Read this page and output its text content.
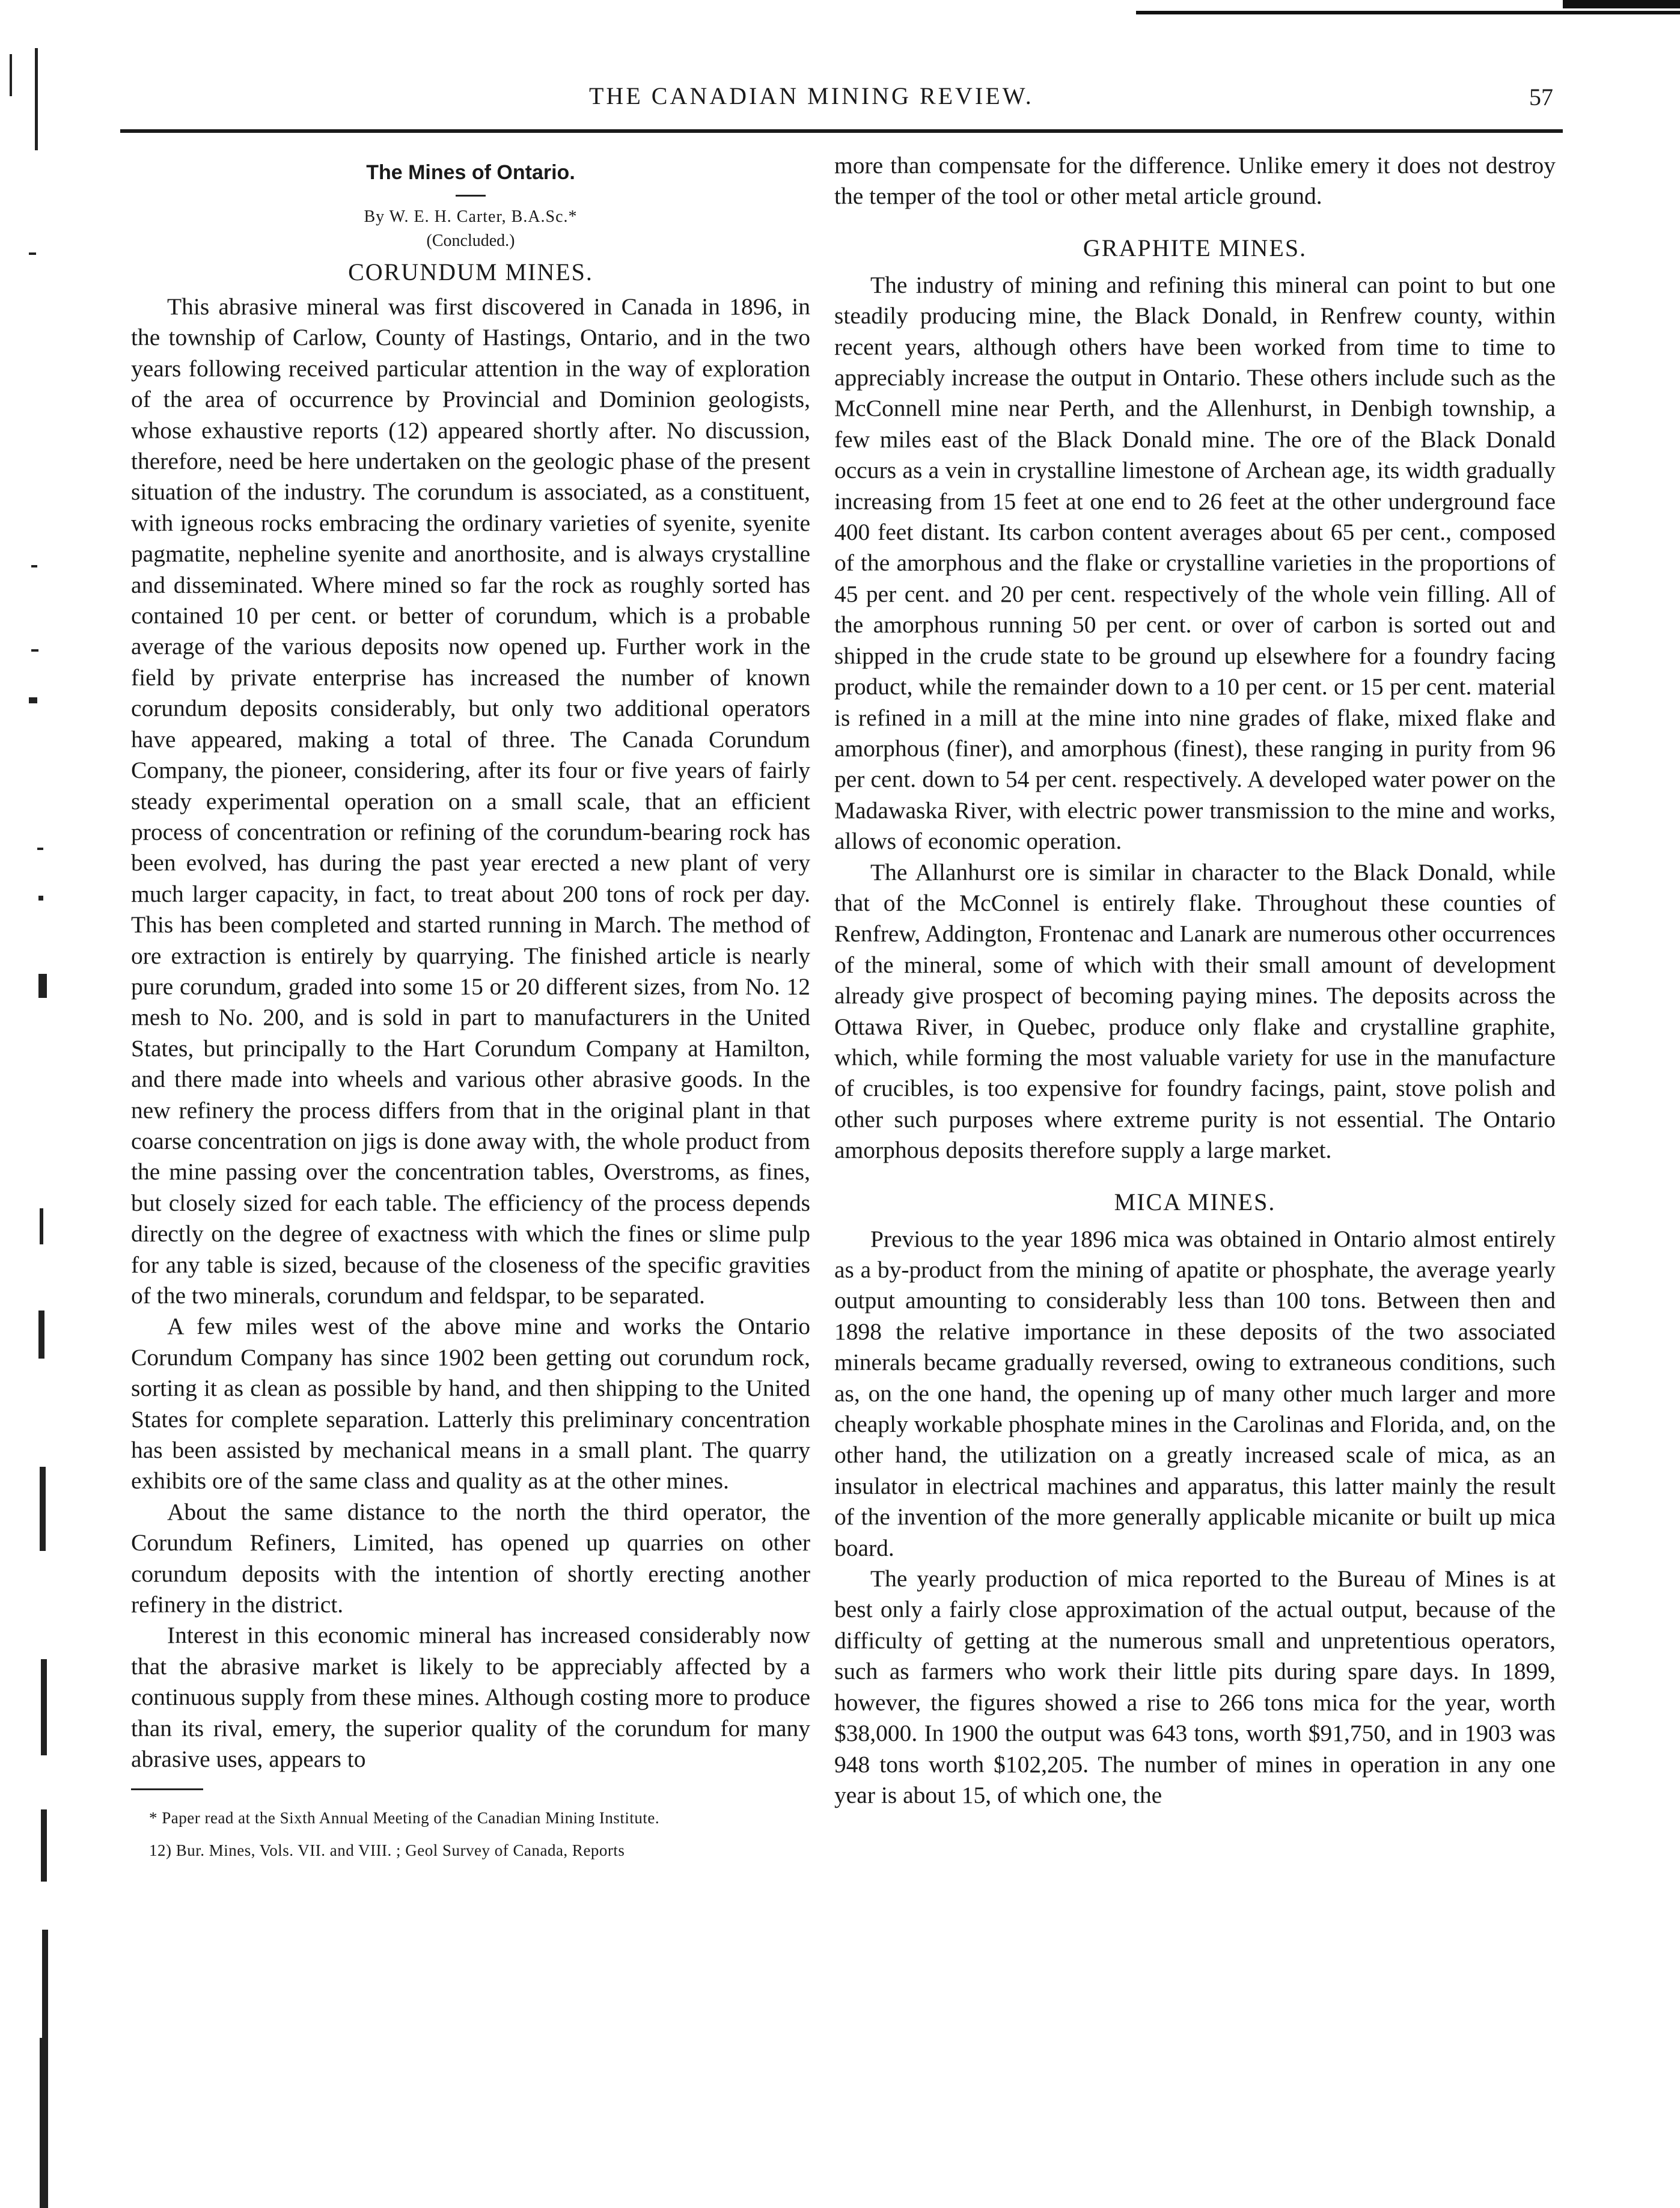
THE CANADIAN MINING REVIEW.	57
The Mines of Ontario.
By W. E. H. Carter, B.A.Sc.*
(Concluded.)
CORUNDUM MINES.

This abrasive mineral was first discovered in Canada in 1896, in the township of Carlow, County of Hastings, Ontario, and in the two years following received particular attention in the way of exploration of the area of occurrence by Provincial and Dominion geologists, whose exhaustive reports (12) appeared shortly after. No discussion, therefore, need be here undertaken on the geologic phase of the present situation of the industry. The corundum is associated, as a constituent, with igneous rocks embracing the ordinary varieties of syenite, syenite pagmatite, nepheline syenite and anorthosite, and is always crystalline and disseminated. Where mined so far the rock as roughly sorted has contained 10 per cent. or better of corundum, which is a probable average of the various deposits now opened up. Further work in the field by private enterprise has increased the number of known corundum deposits considerably, but only two additional operators have appeared, making a total of three. The Canada Corundum Company, the pioneer, considering, after its four or five years of fairly steady experimental operation on a small scale, that an efficient process of concentration or refining of the corundum-bearing rock has been evolved, has during the past year erected a new plant of very much larger capacity, in fact, to treat about 200 tons of rock per day. This has been completed and started running in March. The method of ore extraction is entirely by quarrying. The finished article is nearly pure corundum, graded into some 15 or 20 different sizes, from No. 12 mesh to No. 200, and is sold in part to manufacturers in the United States, but principally to the Hart Corundum Company at Hamilton, and there made into wheels and various other abrasive goods. In the new refinery the process differs from that in the original plant in that coarse concentration on jigs is done away with, the whole product from the mine passing over the concentration tables, Overstroms, as fines, but closely sized for each table. The efficiency of the process depends directly on the degree of exactness with which the fines or slime pulp for any table is sized, because of the closeness of the specific gravities of the two minerals, corundum and feldspar, to be separated.

A few miles west of the above mine and works the Ontario Corundum Company has since 1902 been getting out corundum rock, sorting it as clean as possible by hand, and then shipping to the United States for complete separation. Latterly this preliminary concentration has been assisted by mechanical means in a small plant. The quarry exhibits ore of the same class and quality as at the other mines.

About the same distance to the north the third operator, the Corundum Refiners, Limited, has opened up quarries on other corundum deposits with the intention of shortly erecting another refinery in the district.

Interest in this economic mineral has increased considerably now that the abrasive market is likely to be appreciably affected by a continuous supply from these mines. Although costing more to produce than its rival, emery, the superior quality of the corundum for many abrasive uses, appears to

* Paper read at the Sixth Annual Meeting of the Canadian Mining Institute.
12) Bur. Mines, Vols. VII. and VIII. ; Geol Survey of Canada, Reports

more than compensate for the difference. Unlike emery it does not destroy the temper of the tool or other metal article ground.

GRAPHITE MINES.

The industry of mining and refining this mineral can point to but one steadily producing mine, the Black Donald, in Renfrew county, within recent years, although others have been worked from time to time to appreciably increase the output in Ontario. These others include such as the McConnell mine near Perth, and the Allenhurst, in Denbigh township, a few miles east of the Black Donald mine. The ore of the Black Donald occurs as a vein in crystalline limestone of Archean age, its width gradually increasing from 15 feet at one end to 26 feet at the other underground face 400 feet distant. Its carbon content averages about 65 per cent., composed of the amorphous and the flake or crystalline varieties in the proportions of 45 per cent. and 20 per cent. respectively of the whole vein filling. All of the amorphous running 50 per cent. or over of carbon is sorted out and shipped in the crude state to be ground up elsewhere for a foundry facing product, while the remainder down to a 10 per cent. or 15 per cent. material is refined in a mill at the mine into nine grades of flake, mixed flake and amorphous (finer), and amorphous (finest), these ranging in purity from 96 per cent. down to 54 per cent. respectively. A developed water power on the Madawaska River, with electric power transmission to the mine and works, allows of economic operation.

The Allanhurst ore is similar in character to the Black Donald, while that of the McConnel is entirely flake. Throughout these counties of Renfrew, Addington, Frontenac and Lanark are numerous other occurrences of the mineral, some of which with their small amount of development already give prospect of becoming paying mines. The deposits across the Ottawa River, in Quebec, produce only flake and crystalline graphite, which, while forming the most valuable variety for use in the manufacture of crucibles, is too expensive for foundry facings, paint, stove polish and other such purposes where extreme purity is not essential. The Ontario amorphous deposits therefore supply a large market.

MICA MINES.

Previous to the year 1896 mica was obtained in Ontario almost entirely as a by-product from the mining of apatite or phosphate, the average yearly output amounting to considerably less than 100 tons. Between then and 1898 the relative importance in these deposits of the two associated minerals became gradually reversed, owing to extraneous conditions, such as, on the one hand, the opening up of many other much larger and more cheaply workable phosphate mines in the Carolinas and Florida, and, on the other hand, the utilization on a greatly increased scale of mica, as an insulator in electrical machines and apparatus, this latter mainly the result of the invention of the more generally applicable micanite or built up mica board.

The yearly production of mica reported to the Bureau of Mines is at best only a fairly close approximation of the actual output, because of the difficulty of getting at the numerous small and unpretentious operators, such as farmers who work their little pits during spare days. In 1899, however, the figures showed a rise to 266 tons mica for the year, worth $38,000. In 1900 the output was 643 tons, worth $91,750, and in 1903 was 948 tons worth $102,205. The number of mines in operation in any one year is about 15, of which one, the
